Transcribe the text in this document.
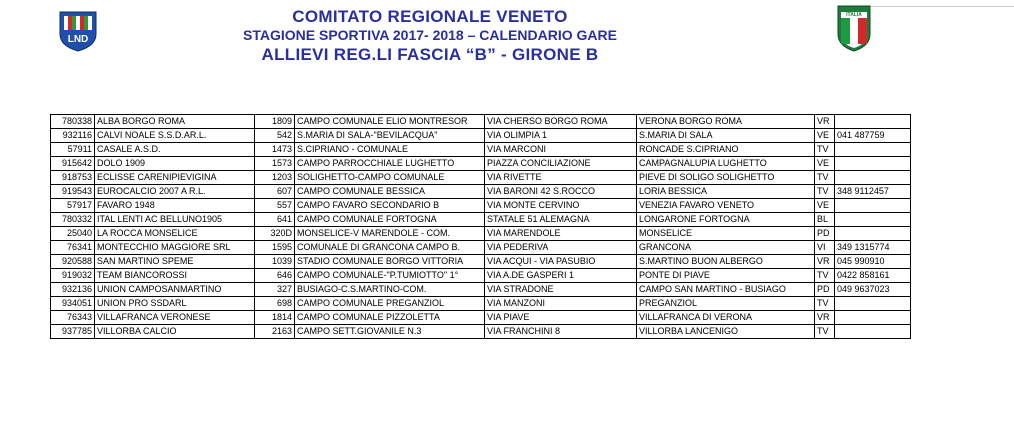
LND
ITALIA
COMITATO REGIONALE VENETO
STAGIONE SPORTIVA 2017- 2018 – CALENDARIO GARE
ALLIEVI REG.LI FASCIA “B” - GIRONE B
780338	ALBA BORGO ROMA	1809	CAMPO COMUNALE ELIO MONTRESOR	VIA CHERSO BORGO ROMA	VERONA BORGO ROMA	VR	
932116	CALVI NOALE S.S.D.AR.L.	542	S.MARIA DI SALA-"BEVILACQUA"	VIA OLIMPIA 1	S.MARIA DI SALA	VE	041 487759
57911	CASALE A.S.D.	1473	S.CIPRIANO - COMUNALE	VIA MARCONI	RONCADE S.CIPRIANO	TV	
915642	DOLO 1909	1573	CAMPO PARROCCHIALE LUGHETTO	PIAZZA CONCILIAZIONE	CAMPAGNALUPIA LUGHETTO	VE	
918753	ECLISSE CARENIPIEVIGINA	1203	SOLIGHETTO-CAMPO COMUNALE	VIA RIVETTE	PIEVE DI SOLIGO SOLIGHETTO	TV	
919543	EUROCALCIO 2007 A R.L.	607	CAMPO COMUNALE BESSICA	VIA BARONI 42 S.ROCCO	LORIA BESSICA	TV	348 9112457
57917	FAVARO 1948	557	CAMPO FAVARO SECONDARIO B	VIA MONTE CERVINO	VENEZIA FAVARO VENETO	VE	
780332	ITAL LENTI AC BELLUNO1905	641	CAMPO COMUNALE FORTOGNA	STATALE 51 ALEMAGNA	LONGARONE FORTOGNA	BL	
25040	LA ROCCA MONSELICE	320D	MONSELICE-V MARENDOLE - COM.	VIA MARENDOLE	MONSELICE	PD	
76341	MONTECCHIO MAGGIORE SRL	1595	COMUNALE DI GRANCONA CAMPO B.	VIA PEDERIVA	GRANCONA	VI	349 1315774
920588	SAN MARTINO SPEME	1039	STADIO COMUNALE BORGO VITTORIA	VIA ACQUI - VIA PASUBIO	S.MARTINO BUON ALBERGO	VR	045 990910
919032	TEAM BIANCOROSSI	646	CAMPO COMUNALE-"P.TUMIOTTO" 1°	VIA A.DE GASPERI 1	PONTE DI PIAVE	TV	0422 858161
932136	UNION CAMPOSANMARTINO	327	BUSIAGO-C.S.MARTINO-COM.	VIA STRADONE	CAMPO SAN MARTINO - BUSIAGO	PD	049 9637023
934051	UNION PRO SSDARL	698	CAMPO COMUNALE PREGANZIOL	VIA MANZONI	PREGANZIOL	TV	
76343	VILLAFRANCA VERONESE	1814	CAMPO COMUNALE PIZZOLETTA	VIA PIAVE	VILLAFRANCA DI VERONA	VR	
937785	VILLORBA CALCIO	2163	CAMPO SETT.GIOVANILE N.3	VIA FRANCHINI 8	VILLORBA LANCENIGO	TV	
